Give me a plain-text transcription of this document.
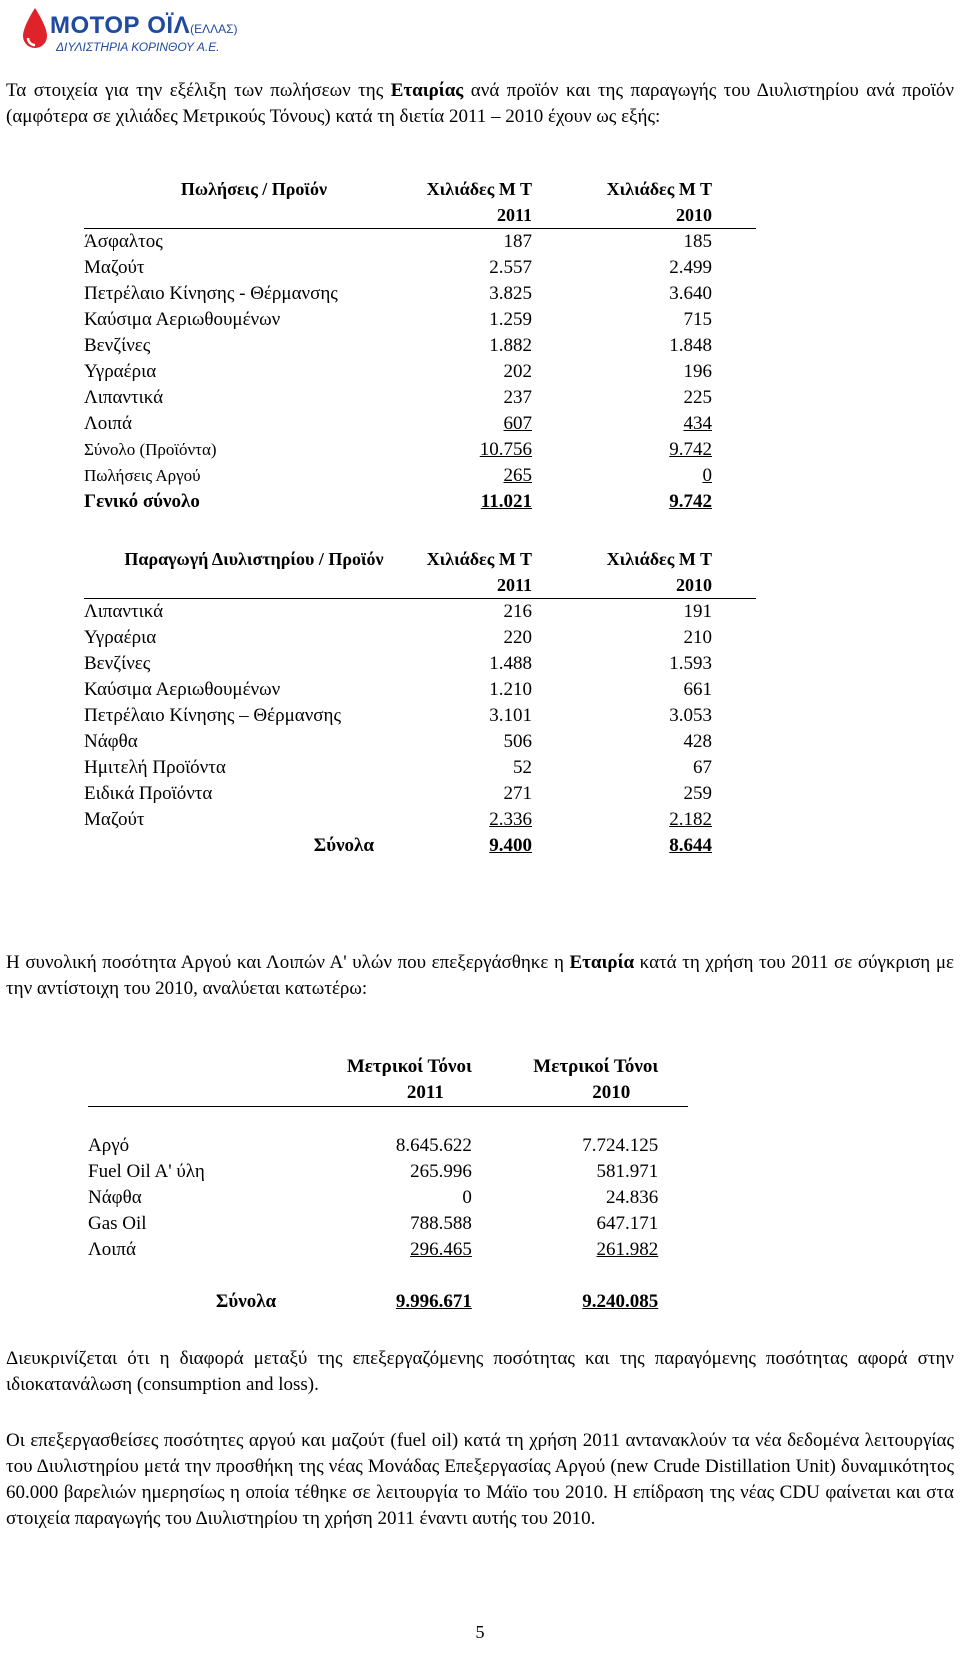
ΜΟΤΟΡ ΟΪΛ(ΕΛΛΑΣ)
ΔΙΥΛΙΣΤΗΡΙΑ ΚΟΡΙΝΘΟΥ Α.Ε.

Τα στοιχεία για την εξέλιξη των πωλήσεων της Εταιρίας ανά προϊόν και της παραγωγής του Διυλιστηρίου ανά προϊόν (αμφότερα σε χιλιάδες Μετρικούς Τόνους) κατά τη διετία 2011 – 2010 έχουν ως εξής:

Πωλήσεις / Προϊόν	Χιλιάδες Μ Τ	Χιλιάδες Μ Τ	
	2011	2010	
Άσφαλτος	187	185	
Μαζούτ	2.557	2.499	
Πετρέλαιο Κίνησης - Θέρμανσης	3.825	3.640	
Καύσιμα Αεριωθουμένων	1.259	715	
Βενζίνες	1.882	1.848	
Υγραέρια	202	196	
Λιπαντικά	237	225	
Λοιπά	607	434	
Σύνολο (Προϊόντα)	10.756	9.742	
Πωλήσεις Αργού	265	0	
Γενικό σύνολο	11.021	9.742	
Παραγωγή Διυλιστηρίου / Προϊόν	Χιλιάδες Μ Τ	Χιλιάδες Μ Τ	
	2011	2010	
Λιπαντικά	216	191	
Υγραέρια	220	210	
Βενζίνες	1.488	1.593	
Καύσιμα Αεριωθουμένων	1.210	661	
Πετρέλαιο Κίνησης – Θέρμανσης	3.101	3.053	
Νάφθα	506	428	
Ημιτελή Προϊόντα	52	67	
Ειδικά Προϊόντα	271	259	
Μαζούτ	2.336	2.182	
Σύνολα	9.400	8.644	

Η συνολική ποσότητα Αργού και Λοιπών Α' υλών που επεξεργάσθηκε η Εταιρία κατά τη χρήση του 2011 σε σύγκριση με την αντίστοιχη του 2010, αναλύεται κατωτέρω:

	Μετρικοί Τόνοι	Μετρικοί Τόνοι	
	2011	2010	

Αργό	8.645.622	7.724.125	
Fuel Oil A' ύλη	265.996	581.971	
Νάφθα	0	24.836	
Gas Oil	788.588	647.171	
Λοιπά	296.465	261.982	

Σύνολα	9.996.671	9.240.085	

Διευκρινίζεται ότι η διαφορά μεταξύ της επεξεργαζόμενης ποσότητας και της παραγόμενης ποσότητας αφορά στην ιδιοκατανάλωση (consumption and loss).

Οι επεξεργασθείσες ποσότητες αργού και μαζούτ (fuel oil) κατά τη χρήση 2011 αντανακλούν τα νέα δεδομένα λειτουργίας του Διυλιστηρίου μετά την προσθήκη της νέας Μονάδας Επεξεργασίας Αργού (new Crude Distillation Unit) δυναμικότητος 60.000 βαρελιών ημερησίως η οποία τέθηκε σε λειτουργία το Μάϊο του 2010. Η επίδραση της νέας CDU φαίνεται και στα στοιχεία παραγωγής του Διυλιστηρίου τη χρήση 2011 έναντι αυτής του 2010.

5
